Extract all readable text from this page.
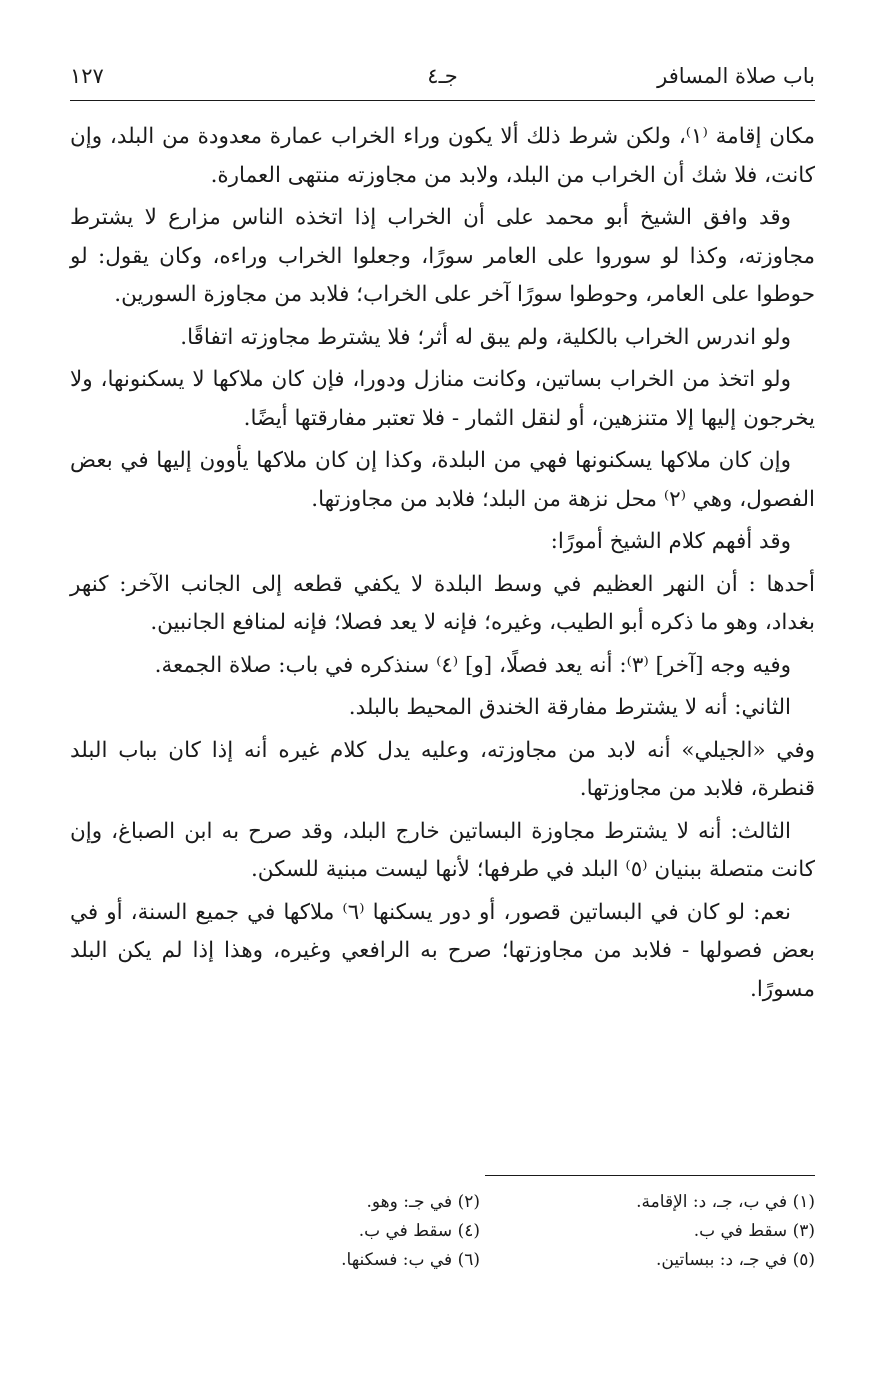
باب صلاة المسافر
جـ٤
١٢٧

مكان إقامة ⁽١⁾، ولكن شرط ذلك ألا يكون وراء الخراب عمارة معدودة من البلد، وإن كانت، فلا شك أن الخراب من البلد، ولابد من مجاوزته منتهى العمارة.

وقد وافق الشيخ أبو محمد على أن الخراب إذا اتخذه الناس مزارع لا يشترط مجاوزته، وكذا لو سوروا على العامر سورًا، وجعلوا الخراب وراءه، وكان يقول: لو حوطوا على العامر، وحوطوا سورًا آخر على الخراب؛ فلابد من مجاوزة السورين.

ولو اندرس الخراب بالكلية، ولم يبق له أثر؛ فلا يشترط مجاوزته اتفاقًا.

ولو اتخذ من الخراب بساتين، وكانت منازل ودورا، فإن كان ملاكها لا يسكنونها، ولا يخرجون إليها إلا متنزهين، أو لنقل الثمار - فلا تعتبر مفارقتها أيضًا.

وإن كان ملاكها يسكنونها فهي من البلدة، وكذا إن كان ملاكها يأوون إليها في بعض الفصول، وهي ⁽٢⁾ محل نزهة من البلد؛ فلابد من مجاوزتها.

وقد أفهم كلام الشيخ أمورًا:

أحدها : أن النهر العظيم في وسط البلدة لا يكفي قطعه إلى الجانب الآخر: كنهر بغداد، وهو ما ذكره أبو الطيب، وغيره؛ فإنه لا يعد فصلا؛ فإنه لمنافع الجانبين.

وفيه وجه [آخر] ⁽٣⁾: أنه يعد فصلًا، [و] ⁽٤⁾ سنذكره في باب: صلاة الجمعة.

الثاني: أنه لا يشترط مفارقة الخندق المحيط بالبلد.

وفي «الجيلي» أنه لابد من مجاوزته، وعليه يدل كلام غيره أنه إذا كان بباب البلد قنطرة، فلابد من مجاوزتها.

الثالث: أنه لا يشترط مجاوزة البساتين خارج البلد، وقد صرح به ابن الصباغ، وإن كانت متصلة ببنيان ⁽٥⁾ البلد في طرفها؛ لأنها ليست مبنية للسكن.

نعم: لو كان في البساتين قصور، أو دور يسكنها ⁽٦⁾ ملاكها في جميع السنة، أو في بعض فصولها - فلابد من مجاوزتها؛ صرح به الرافعي وغيره، وهذا إذا لم يكن البلد مسورًا.

(١) في ب، جـ، د: الإقامة.
(٢) في جـ: وهو.
(٣) سقط في ب.
(٤) سقط في ب.
(٥) في جـ، د: ببساتين.
(٦) في ب: فسكنها.
